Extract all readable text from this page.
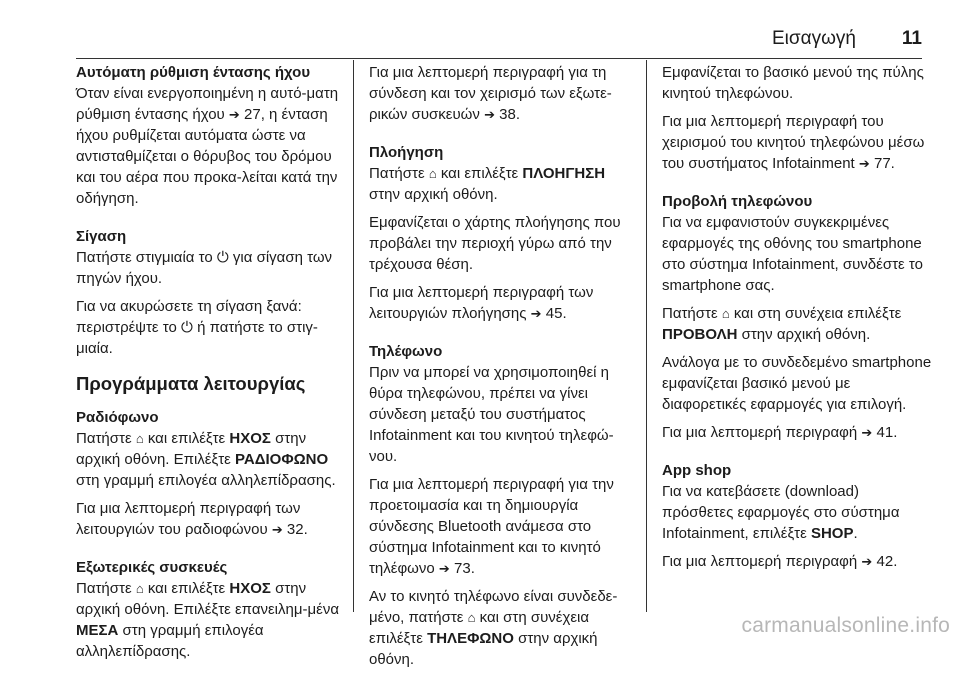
Εισαγωγή 11
Αυτόματη ρύθμιση έντασης ήχου
Όταν είναι ενεργοποιημένη η αυτό-ματη ρύθμιση έντασης ήχου ➔ 27, η ένταση ήχου ρυθμίζεται αυτόματα ώστε να αντισταθμίζεται ο θόρυβος του δρόμου και του αέρα που προκα-λείται κατά την οδήγηση.
Σίγαση
Πατήστε στιγμιαία το ⏻ για σίγαση των πηγών ήχου.
Για να ακυρώσετε τη σίγαση ξανά: περιστρέψτε το ⏻ ή πατήστε το στιγ-μιαία.
Προγράμματα λειτουργίας
Ραδιόφωνο
Πατήστε ⌂ και επιλέξτε ΗΧΟΣ στην αρχική οθόνη. Επιλέξτε ΡΑΔΙΟΦΩΝΟ στη γραμμή επιλογέα αλληλεπίδρασης.
Για μια λεπτομερή περιγραφή των λειτουργιών του ραδιοφώνου ➔ 32.
Εξωτερικές συσκευές
Πατήστε ⌂ και επιλέξτε ΗΧΟΣ στην αρχική οθόνη. Επιλέξτε επανειλημ-μένα ΜΕΣΑ στη γραμμή επιλογέα αλληλεπίδρασης.
Για μια λεπτομερή περιγραφή για τη σύνδεση και τον χειρισμό των εξωτε-ρικών συσκευών ➔ 38.
Πλοήγηση
Πατήστε ⌂ και επιλέξτε ΠΛΟΗΓΗΣΗ στην αρχική οθόνη.
Εμφανίζεται ο χάρτης πλοήγησης που προβάλει την περιοχή γύρω από την τρέχουσα θέση.
Για μια λεπτομερή περιγραφή των λειτουργιών πλοήγησης ➔ 45.
Τηλέφωνο
Πριν να μπορεί να χρησιμοποιηθεί η θύρα τηλεφώνου, πρέπει να γίνει σύνδεση μεταξύ του συστήματος Infotainment και του κινητού τηλεφώ-νου.
Για μια λεπτομερή περιγραφή για την προετοιμασία και τη δημιουργία σύνδεσης Bluetooth ανάμεσα στο σύστημα Infotainment και το κινητό τηλέφωνο ➔ 73.
Αν το κινητό τηλέφωνο είναι συνδεδε-μένο, πατήστε ⌂ και στη συνέχεια επιλέξτε ΤΗΛΕΦΩΝΟ στην αρχική οθόνη.
Εμφανίζεται το βασικό μενού της πύλης κινητού τηλεφώνου.
Για μια λεπτομερή περιγραφή του χειρισμού του κινητού τηλεφώνου μέσω του συστήματος Infotainment ➔ 77.
Προβολή τηλεφώνου
Για να εμφανιστούν συγκεκριμένες εφαρμογές της οθόνης του smartphone στο σύστημα Infotainment, συνδέστε το smartphone σας.
Πατήστε ⌂ και στη συνέχεια επιλέξτε ΠΡΟΒΟΛΗ στην αρχική οθόνη.
Ανάλογα με το συνδεδεμένο smartphone εμφανίζεται βασικό μενού με διαφορετικές εφαρμογές για επιλογή.
Για μια λεπτομερή περιγραφή ➔ 41.
App shop
Για να κατεβάσετε (download) πρόσθετες εφαρμογές στο σύστημα Infotainment, επιλέξτε SHOP.
Για μια λεπτομερή περιγραφή ➔ 42.
carmanualsonline.info
